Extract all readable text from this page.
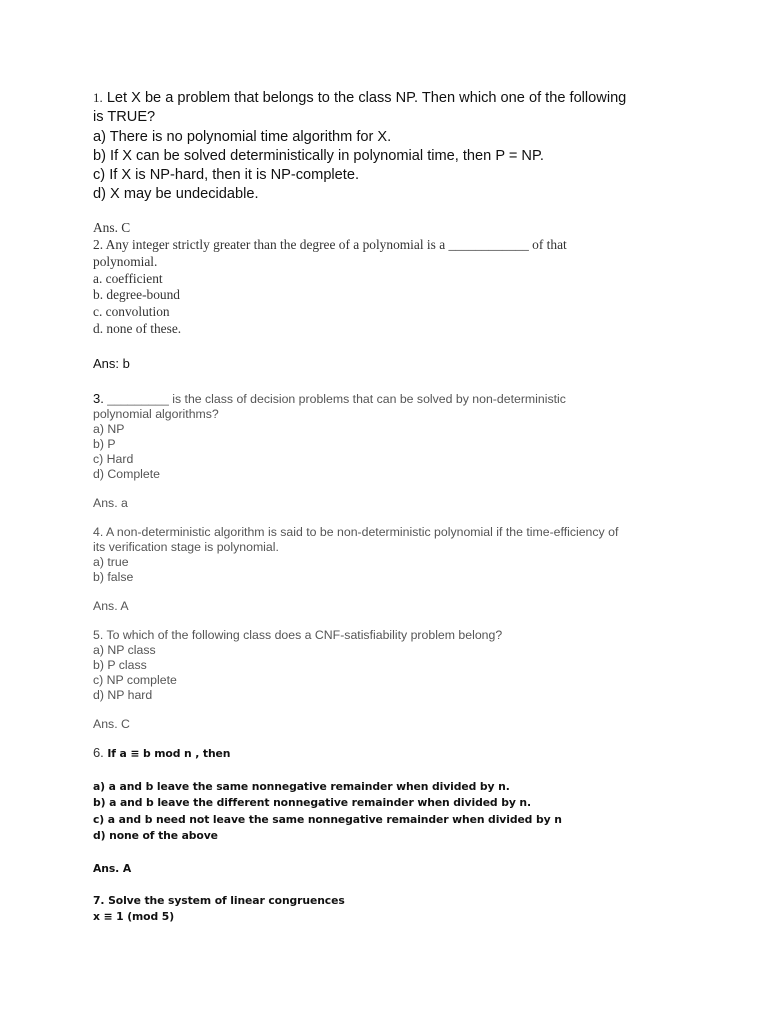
1. Let X be a problem that belongs to the class NP. Then which one of the following
is TRUE?
a) There is no polynomial time algorithm for X.
b) If X can be solved deterministically in polynomial time, then P = NP.
c) If X is NP-hard, then it is NP-complete.
d) X may be undecidable.
Ans. C
2. Any integer strictly greater than the degree of a polynomial is a ____________ of that
polynomial.
a. coefficient
b. degree-bound
c. convolution
d. none of these.
Ans: b
3. _________ is the class of decision problems that can be solved by non-deterministic
polynomial algorithms?
a) NP
b) P
c) Hard
d) Complete
Ans. a
4. A non-deterministic algorithm is said to be non-deterministic polynomial if the time-efficiency of
its verification stage is polynomial.
a) true
b) false
Ans. A
5. To which of the following class does a CNF-satisfiability problem belong?
a) NP class
b) P class
c) NP complete
d) NP hard
Ans. C
6. If a ≡ b mod n , then
a) a and b leave the same nonnegative remainder when divided by n.
b) a and b leave the different nonnegative remainder when divided by n.
c) a and b need not leave the same nonnegative remainder when divided by n
d) none of the above
Ans. A
7. Solve the system of linear congruences
x ≡ 1 (mod 5)
